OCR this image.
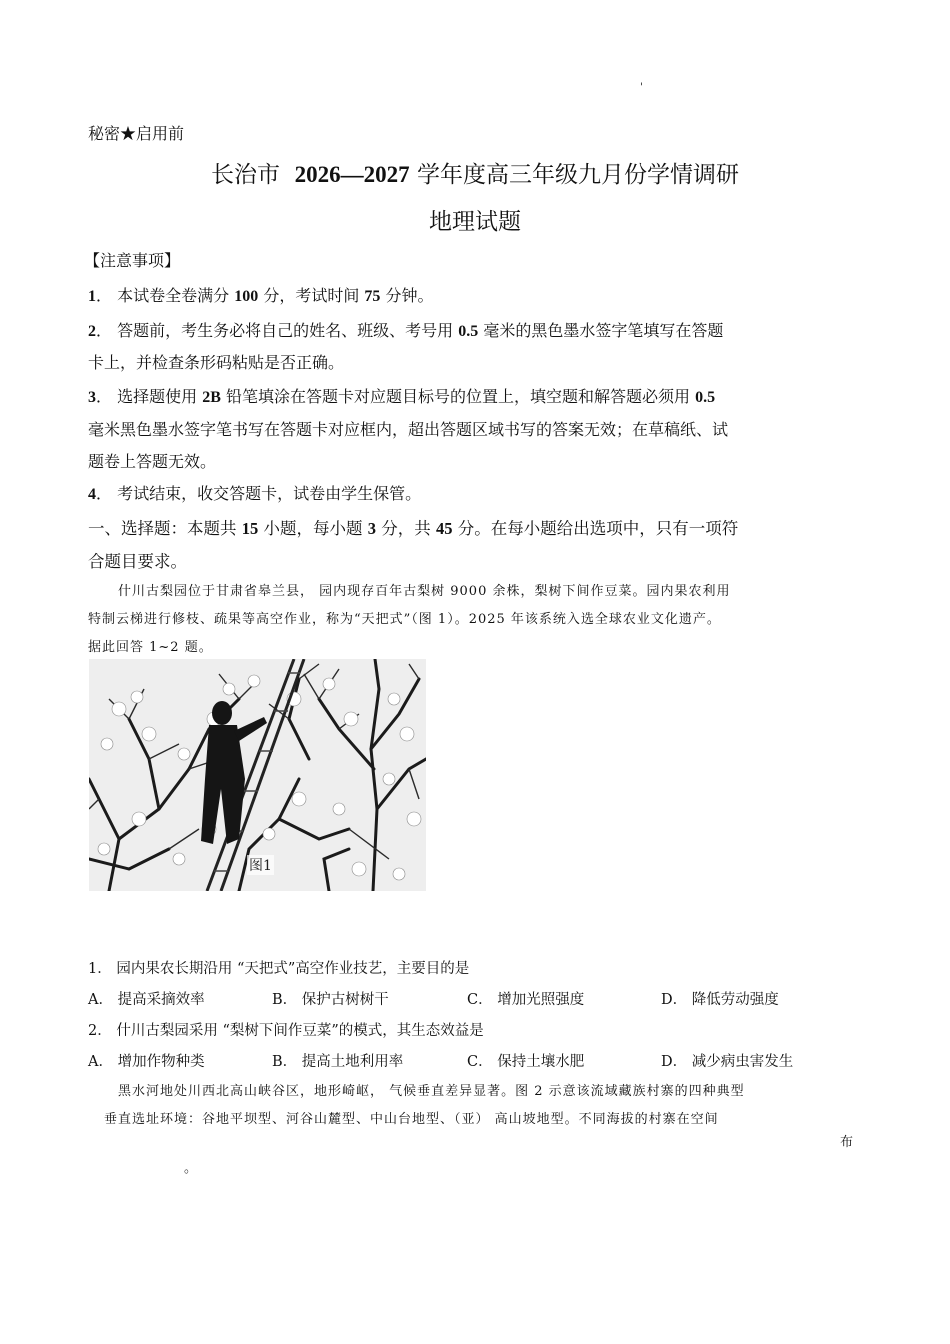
'
秘密★启用前
长治市 2026—2027 学年度高三年级九月份学情调研
地理试题
【注意事项】
1． 本试卷全卷满分 100 分，考试时间 75 分钟。
2． 答题前，考生务必将自己的姓名、班级、考号用 0.5 毫米的黑色墨水签字笔填写在答题
卡上，并检查条形码粘贴是否正确。
3． 选择题使用 2B 铅笔填涂在答题卡对应题目标号的位置上，填空题和解答题必须用 0.5
毫米黑色墨水签字笔书写在答题卡对应框内，超出答题区域书写的答案无效；在草稿纸、试
题卷上答题无效。
4． 考试结束，收交答题卡，试卷由学生保管。
一、选择题：本题共 15 小题，每小题 3 分，共 45 分。在每小题给出选项中，只有一项符
合题目要求。
什川古梨园位于甘肃省皋兰县， 园内现存百年古梨树 9000 余株，梨树下间作豆菜。园内果农利用
特制云梯进行修枝、疏果等高空作业，称为“天把式”（图 1）。2025 年该系统入选全球农业文化遗产。
据此回答 1~2 题。
图1
1． 园内果农长期沿用 “天把式”高空作业技艺，主要目的是
A． 提高采摘效率	B． 保护古树树干	C． 增加光照强度	D． 降低劳动强度
2． 什川古梨园采用 “梨树下间作豆菜”的模式，其生态效益是
A． 增加作物种类	B． 提高土地利用率	C． 保持土壤水肥	D． 减少病虫害发生
黑水河地处川西北高山峡谷区，地形崎岖， 气候垂直差异显著。图 2 示意该流域藏族村寨的四种典型
垂直选址环境：谷地平坝型、河谷山麓型、中山台地型、（亚） 高山坡地型。不同海拔的村寨在空间
布
。
